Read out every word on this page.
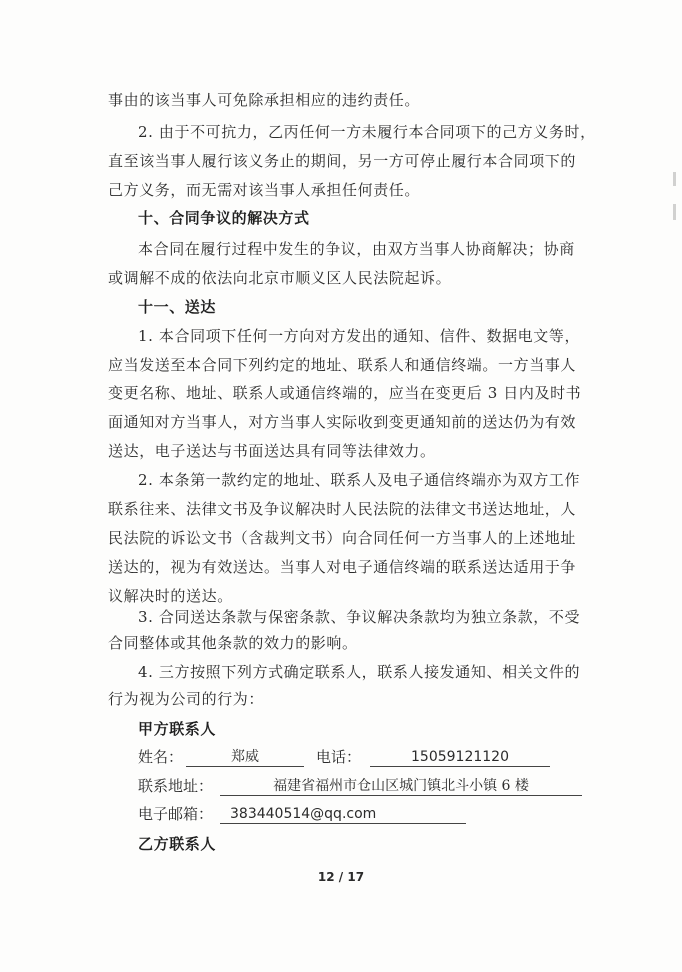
事由的该当事人可免除承担相应的违约责任。
2. 由于不可抗力，乙丙任何一方未履行本合同项下的己方义务时，
直至该当事人履行该义务止的期间，另一方可停止履行本合同项下的
己方义务，而无需对该当事人承担任何责任。
十、合同争议的解决方式
本合同在履行过程中发生的争议，由双方当事人协商解决；协商
或调解不成的依法向北京市顺义区人民法院起诉。
十一、送达
1. 本合同项下任何一方向对方发出的通知、信件、数据电文等，
应当发送至本合同下列约定的地址、联系人和通信终端。一方当事人
变更名称、地址、联系人或通信终端的，应当在变更后 3 日内及时书
面通知对方当事人，对方当事人实际收到变更通知前的送达仍为有效
送达，电子送达与书面送达具有同等法律效力。
2. 本条第一款约定的地址、联系人及电子通信终端亦为双方工作
联系往来、法律文书及争议解决时人民法院的法律文书送达地址，人
民法院的诉讼文书（含裁判文书）向合同任何一方当事人的上述地址
送达的，视为有效送达。当事人对电子通信终端的联系送达适用于争
议解决时的送达。
3. 合同送达条款与保密条款、争议解决条款均为独立条款，不受
合同整体或其他条款的效力的影响。
4. 三方按照下列方式确定联系人，联系人接发通知、相关文件的
行为视为公司的行为：
甲方联系人
姓名：	郑威	电话：	15059121120
联系地址：	福建省福州市仓山区城门镇北斗小镇 6 楼
电子邮箱：	383440514@qq.com
乙方联系人
12 / 17
